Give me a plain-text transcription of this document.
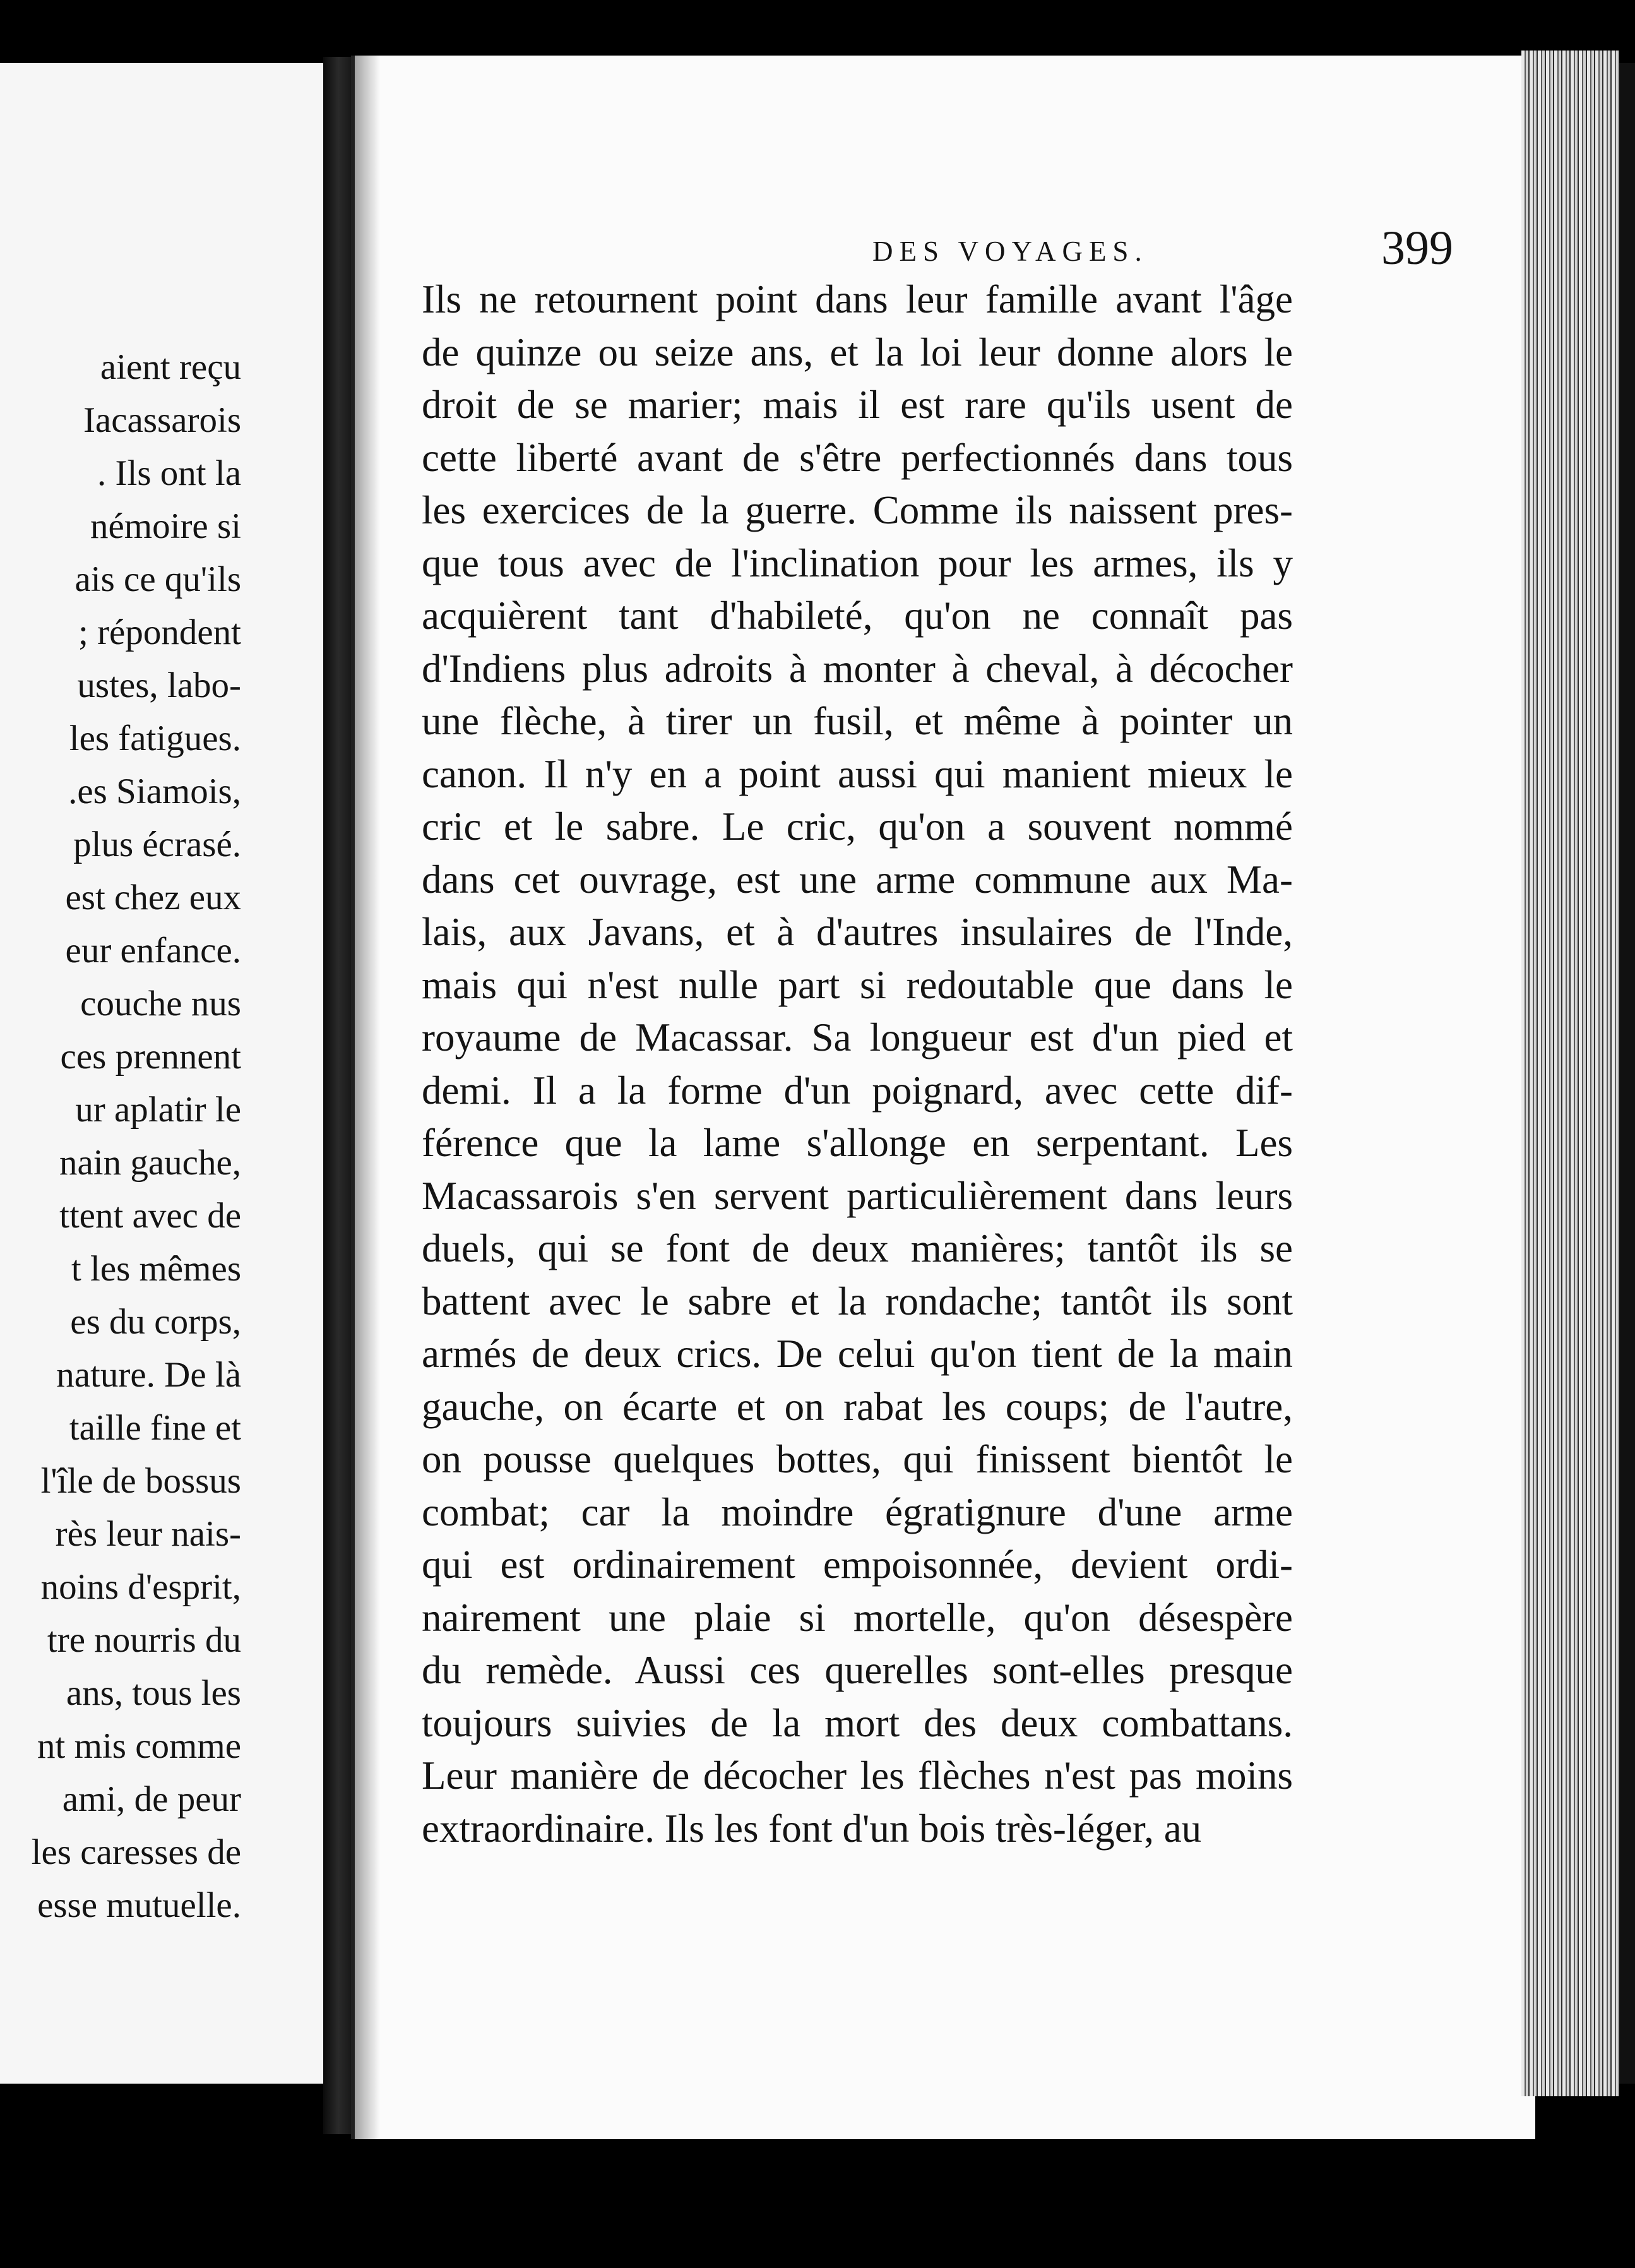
aient reçu
Iacassarois
. Ils ont la
némoire si
ais ce qu'ils
; répondent
ustes, labo-
les fatigues.
.es Siamois,
plus écrasé.
est chez eux
eur enfance.
couche nus
ces prennent
ur aplatir le
nain gauche,
ttent avec de
t les mêmes
es du corps,
nature. De là
taille fine et
l'île de bossus
rès leur nais-
noins d'esprit,
tre nourris du
ans, tous les
nt mis comme
ami, de peur
les caresses de
esse mutuelle.
DES VOYAGES.	399
Ils ne retournent point dans leur famille avant l'âge
de quinze ou seize ans, et la loi leur donne alors le
droit de se marier; mais il est rare qu'ils usent de
cette liberté avant de s'être perfectionnés dans tous
les exercices de la guerre. Comme ils naissent pres-
que tous avec de l'inclination pour les armes, ils y
acquièrent tant d'habileté, qu'on ne connaît pas
d'Indiens plus adroits à monter à cheval, à décocher
une flèche, à tirer un fusil, et même à pointer un
canon. Il n'y en a point aussi qui manient mieux le
cric et le sabre. Le cric, qu'on a souvent nommé
dans cet ouvrage, est une arme commune aux Ma-
lais, aux Javans, et à d'autres insulaires de l'Inde,
mais qui n'est nulle part si redoutable que dans le
royaume de Macassar. Sa longueur est d'un pied et
demi. Il a la forme d'un poignard, avec cette dif-
férence que la lame s'allonge en serpentant. Les
Macassarois s'en servent particulièrement dans leurs
duels, qui se font de deux manières; tantôt ils se
battent avec le sabre et la rondache; tantôt ils sont
armés de deux crics. De celui qu'on tient de la main
gauche, on écarte et on rabat les coups; de l'autre,
on pousse quelques bottes, qui finissent bientôt le
combat; car la moindre égratignure d'une arme
qui est ordinairement empoisonnée, devient ordi-
nairement une plaie si mortelle, qu'on désespère
du remède. Aussi ces querelles sont-elles presque
toujours suivies de la mort des deux combattans.
Leur manière de décocher les flèches n'est pas moins
extraordinaire. Ils les font d'un bois très-léger, au
